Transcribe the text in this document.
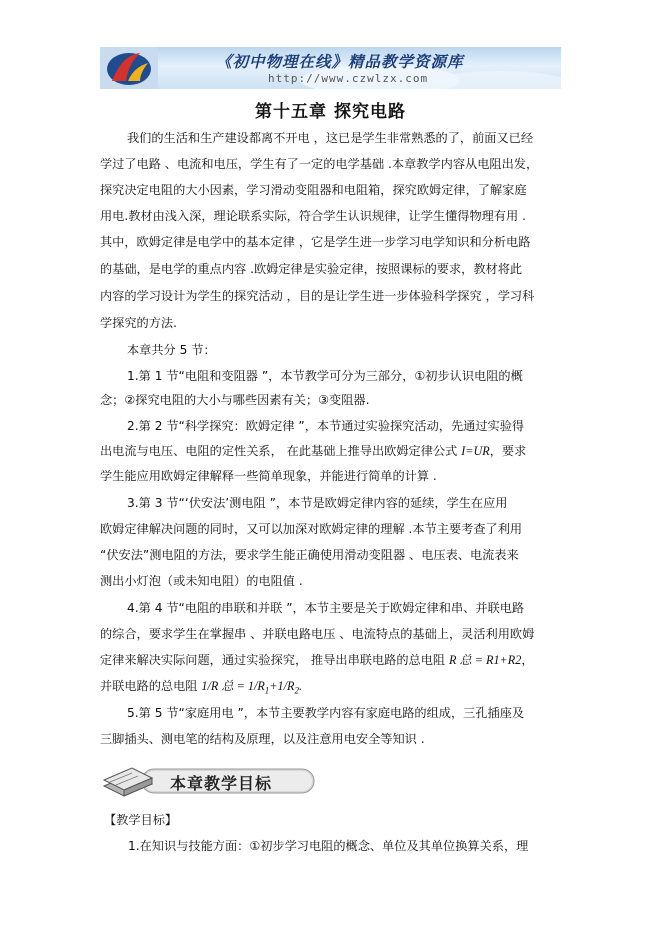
《初中物理在线》精品教学资源库
http://www.czwlzx.com
第十五章 探究电路
我们的生活和生产建设都离不开电 ，这已是学生非常熟悉的了，前面又已经
学过了电路 、电流和电压，学生有了一定的电学基础 .本章教学内容从电阻出发，
探究决定电阻的大小因素，学习滑动变阻器和电阻箱，探究欧姆定律，了解家庭
用电.教材由浅入深，理论联系实际，符合学生认识规律，让学生懂得物理有用 .
其中，欧姆定律是电学中的基本定律 ，它是学生进一步学习电学知识和分析电路
的基础，是电学的重点内容 .欧姆定律是实验定律，按照课标的要求，教材将此
内容的学习设计为学生的探究活动 ，目的是让学生进一步体验科学探究 ，学习科
学探究的方法.
本章共分 5 节：
1.第 1 节“电阻和变阻器 ”，本节教学可分为三部分，①初步认识电阻的概
念；②探究电阻的大小与哪些因素有关；③变阻器.
2.第 2 节“科学探究：欧姆定律 ”，本节通过实验探究活动，先通过实验得
出电流与电压、电阻的定性关系， 在此基础上推导出欧姆定律公式 I=UR，要求
学生能应用欧姆定律解释一些简单现象，并能进行简单的计算 .
3.第 3 节“‘伏安法’测电阻 ”，本节是欧姆定律内容的延续，学生在应用
欧姆定律解决问题的同时，又可以加深对欧姆定律的理解 .本节主要考查了利用
“伏安法”测电阻的方法，要求学生能正确使用滑动变阻器 、电压表、电流表来
测出小灯泡（或未知电阻）的电阻值 .
4.第 4 节“电阻的串联和并联 ”，本节主要是关于欧姆定律和串、并联电路
的综合，要求学生在掌握串 、并联电路电压 、电流特点的基础上，灵活利用欧姆
定律来解决实际问题，通过实验探究， 推导出串联电路的总电阻 R 总 = R1+R2，
并联电路的总电阻 1/R 总 = $1/R_1+1/R_2$.
5.第 5 节“家庭用电 ”，本节主要教学内容有家庭电路的组成，三孔插座及
三脚插头、测电笔的结构及原理，以及注意用电安全等知识 .
本章教学目标
【教学目标】
1.在知识与技能方面：①初步学习电阻的概念、单位及其单位换算关系，理
